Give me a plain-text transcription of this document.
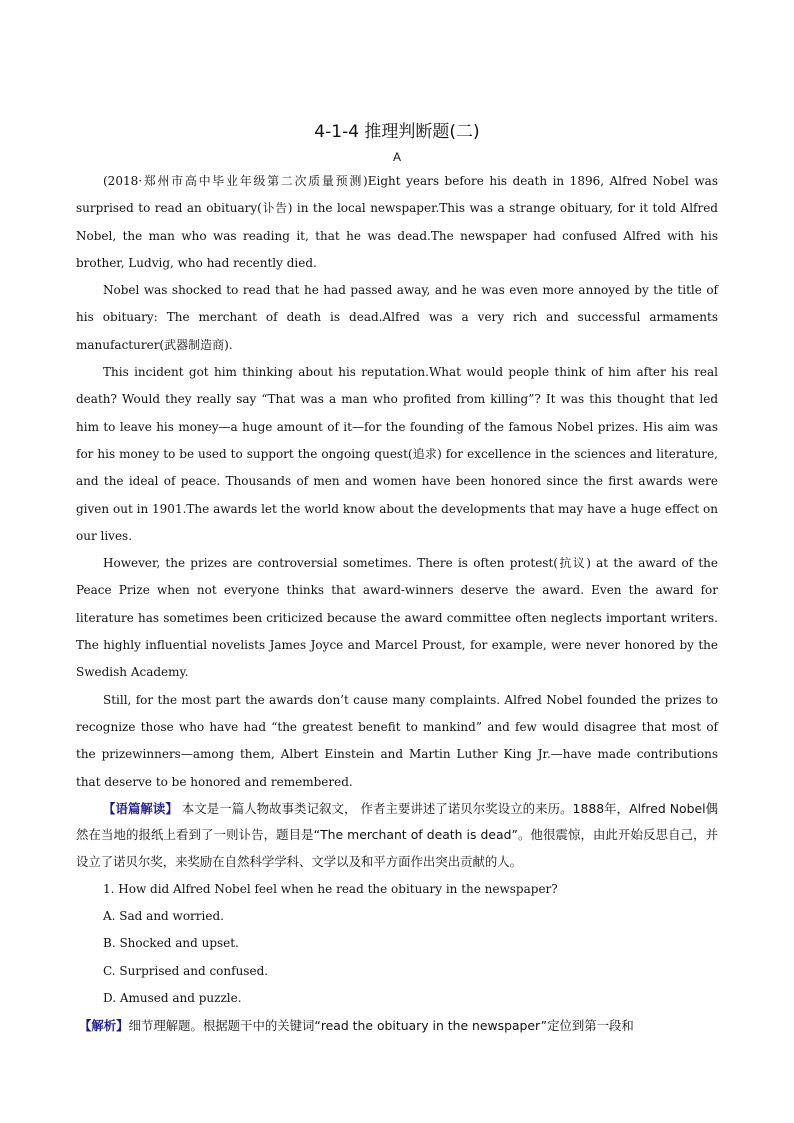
4-1-4 推理判断题(二)
A

(2018·郑州市高中毕业年级第二次质量预测)Eight years before his death in 1896, Alfred Nobel was surprised to read an obituary(讣告) in the local newspaper.This was a strange obituary, for it told Alfred Nobel, the man who was reading it, that he was dead.The newspaper had confused Alfred with his brother, Ludvig, who had recently died.

Nobel was shocked to read that he had passed away, and he was even more annoyed by the title of his obituary: The merchant of death is dead.Alfred was a very rich and successful armaments manufacturer(武器制造商).

This incident got him thinking about his reputation.What would people think of him after his real death? Would they really say “That was a man who profited from killing”? It was this thought that led him to leave his money—a huge amount of it—for the founding of the famous Nobel prizes. His aim was for his money to be used to support the ongoing quest(追求) for excellence in the sciences and literature, and the ideal of peace. Thousands of men and women have been honored since the first awards were given out in 1901.The awards let the world know about the developments that may have a huge effect on our lives.

However, the prizes are controversial sometimes. There is often protest(抗议) at the award of the Peace Prize when not everyone thinks that award-winners deserve the award. Even the award for literature has sometimes been criticized because the award committee often neglects important writers. The highly influential novelists James Joyce and Marcel Proust, for example, were never honored by the Swedish Academy.

Still, for the most part the awards don’t cause many complaints. Alfred Nobel founded the prizes to recognize those who have had “the greatest benefit to mankind” and few would disagree that most of the prizewinners—among them, Albert Einstein and Martin Luther King Jr.—have made contributions that deserve to be honored and remembered.

【语篇解读】 本文是一篇人物故事类记叙文， 作者主要讲述了诺贝尔奖设立的来历。1888年，Alfred Nobel偶然在当地的报纸上看到了一则讣告，题目是“The merchant of death is dead”。他很震惊，由此开始反思自己，并设立了诺贝尔奖，来奖励在自然科学学科、文学以及和平方面作出突出贡献的人。

1. How did Alfred Nobel feel when he read the obituary in the newspaper?

A. Sad and worried.

B. Shocked and upset.

C. Surprised and confused.

D. Amused and puzzle.

【解析】细节理解题。根据题干中的关键词“read the obituary in the newspaper”定位到第一段和
